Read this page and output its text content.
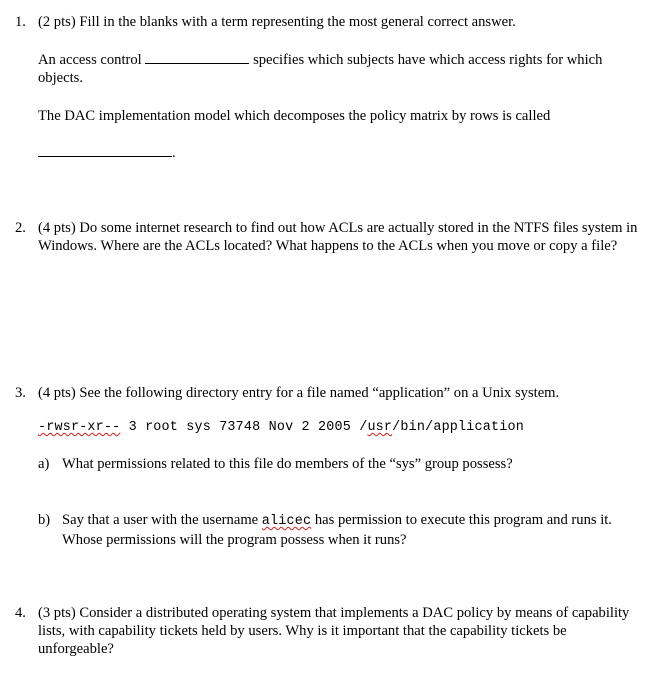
1. (2 pts) Fill in the blanks with a term representing the most general correct answer.
An access control	specifies which subjects have which access rights for which objects.
The DAC implementation model which decomposes the policy matrix by rows is called
.
2. (4 pts) Do some internet research to find out how ACLs are actually stored in the NTFS files system in Windows. Where are the ACLs located? What happens to the ACLs when you move or copy a file?
3. (4 pts) See the following directory entry for a file named “application” on a Unix system.
-rwsr-xr-- 3 root sys 73748 Nov 2 2005 /usr/bin/application
a) What permissions related to this file do members of the “sys” group possess?
b) Say that a user with the username alicec has permission to execute this program and runs it. Whose permissions will the program possess when it runs?
4. (3 pts) Consider a distributed operating system that implements a DAC policy by means of capability lists, with capability tickets held by users. Why is it important that the capability tickets be unforgeable?
